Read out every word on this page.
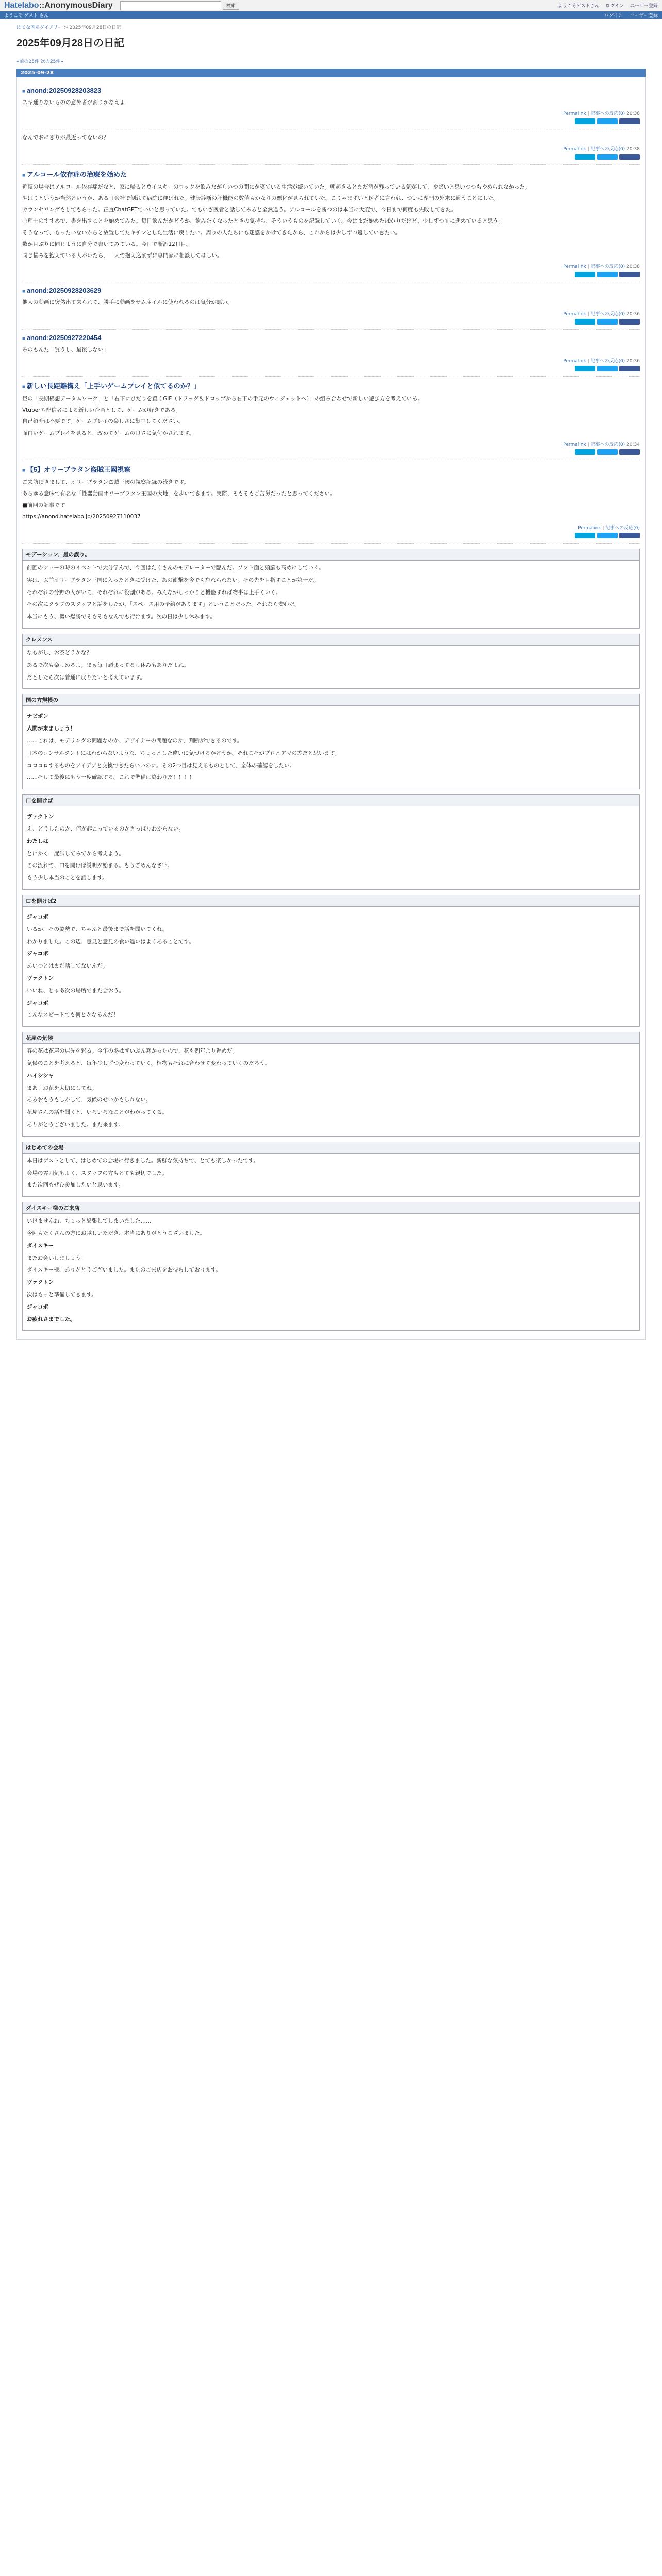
Hatelabo::AnonymousDiary	検索	ようこそゲストさん ログイン ユーザー登録
ようこそ ゲスト さん	ログイン ユーザー登録
はてな匿名ダイアリー > 2025年09月28日の日記
2025年09月28日の日記
«前の25件 次の25件»
2025-09-28
■ anond:20250928203823

スキ通りないものの意外者が割りかなえよ

Permalink | 記事への反応(0) 20:38

なんでおにぎりが最近ってないの？

Permalink | 記事への反応(0) 20:38
■ アルコール依存症の治療を始めた

近頃の場合はアルコール依存症だなと、家に帰るとウイスキーのロックを飲みながらいつの間にか寝ている生活が続いていた。朝起きるとまだ酒が残っている気がして、やばいと思いつつもやめられなかった。

やはりというか当然というか、ある日会社で倒れて病院に運ばれた。健康診断の肝機能の数値もかなりの悪化が見られていた。こりゃまずいと医者に言われ、ついに専門の外来に通うことにした。

カウンセリングもしてもらった。正直ChatGPTでいいと思っていた。でもいざ医者と話してみると全然違う。アルコールを断つのは本当に大変で、今日まで何度も失敗してきた。

心理士のすすめで、書き出すことを始めてみた。毎日飲んだかどうか、飲みたくなったときの気持ち、そういうものを記録していく。今はまだ始めたばかりだけど、少しずつ前に進めていると思う。

そうなって、もったいないからと放置してたキチンとした生活に戻りたい。周りの人たちにも迷惑をかけてきたから、これからは少しずつ返していきたい。

数か月ぶりに同じように自分で書いてみている。今日で断酒12日目。

同じ悩みを抱えている人がいたら、一人で抱え込まずに専門家に相談してほしい。

Permalink | 記事への反応(0) 20:38
■ anond:20250928203629

他人の動画に突然出て来られて、勝手に動画をサムネイルに使われるのは気分が悪い。

Permalink | 記事への反応(0) 20:36
■ anond:20250927220454

みのもんた「買うし、最後しない」

Permalink | 記事への反応(0) 20:36
■ 新しい長距離構え「上手いゲームプレイと似てるのか？」

昼の「長期構想データムワーク」と「右下にひだりを置くGIF（ドラッグ＆ドロップから右下の手元のウィジェットへ）」の組み合わせで新しい遊び方を考えている。

Vtuberや配信者による新しい企画として、ゲームが好きである。

自己紹介は不要です。ゲームプレイの楽しさに集中してください。

面白いゲームプレイを見ると、改めてゲームの良さに気付かされます。

Permalink | 記事への反応(0) 20:34
■ 【5】オリーブラタン盗賊王國視察

ご来訪頂きまして、オリーブラタン盗賊王國の視察記録の続きです。

あらゆる意味で有名な「性器動画オリーブラタン王国の大地」を歩いてきます。実際、そもそもご苦労だったと思ってください。

■前回の記事です

https://anond.hatelabo.jp/20250927110037

Permalink | 記事への反応(0)
モデーション、最の誤り。

前回のショーの時のイベントで大分学んで、今回はたくさんのモデレーターで臨んだ。ソフト面と頭脳も高めにしていく。

実は、以前オリーブラタン王国に入ったときに受けた、あの衝撃を今でも忘れられない。その先を目指すことが第一だ。

それぞれの分野の人がいて、それぞれに役割がある。みんながしっかりと機能すれば物事は上手くいく。

その次にクラブのスタッフと話をしたが、「スペース用の予約があります」ということだった。それなら安心だ。

本当にもう、勢い爆勝でそもそもなんでも行けます。次の日は少し休みます。

クレメンス

なもがし、お茶どうかな？

あるで次も楽しめるよ。まぁ毎日頑張ってるし休みもありだよね。

だとしたら次は普通に戻りたいと考えています。

国の方規模の

ナビポン

人間が来ましょう！

……これは、モデリングの問題なのか、デザイナーの問題なのか、判断ができるのです。

日本のコンサルタントにはわからないような、ちょっとした違いに気づけるかどうか。それこそがプロとアマの差だと思います。

コロコロするものをアイデアと交換できたらいいのに。その2つ目は見えるものとして、全体の確認をしたい。

……そして最後にもう一度確認する。これで準備は終わりだ！！！！

口を開けば

ヴァクトン

え、どうしたのか、何が起こっているのかさっぱりわからない。

わたしは

とにかく一度試してみてから考えよう。

この流れで、口を開けば説明が始まる。もうごめんなさい。

もう少し本当のことを話します。

口を開けば2

ジャコポ

いるか、その姿勢で、ちゃんと最後まで話を聞いてくれ。

わかりました。この辺、意見と意見の食い違いはよくあることです。

ジャコポ

あいつとはまだ話してないんだ。

ヴァクトン

いいね、じゃあ次の場所でまた会おう。

ジャコポ

こんなスピードでも何とかなるんだ！

花屋の気候

春の花は花屋の店先を彩る。今年の冬はずいぶん寒かったので、花も例年より遅めだ。

気候のことを考えると、毎年少しずつ変わっていく。植物もそれに合わせて変わっていくのだろう。

ハイシシャ

まあ！お花を大切にしてね。

あるおもうもしかして、気候のせいかもしれない。

花屋さんの話を聞くと、いろいろなことがわかってくる。

ありがとうございました。また来ます。

はじめての会場

本日はゲストとして、はじめての会場に行きました。新鮮な気持ちで、とても楽しかったです。

会場の雰囲気もよく、スタッフの方もとても親切でした。

また次回もぜひ参加したいと思います。

ダイスキー様のご来店

いけませんね、ちょっと緊張してしまいました……

今回もたくさんの方にお越しいただき、本当にありがとうございました。

ダイスキー

またお会いしましょう！

ダイスキー様、ありがとうございました。またのご来店をお待ちしております。

ヴァクトン

次はもっと準備してきます。

ジャコポ

お疲れさまでした。
